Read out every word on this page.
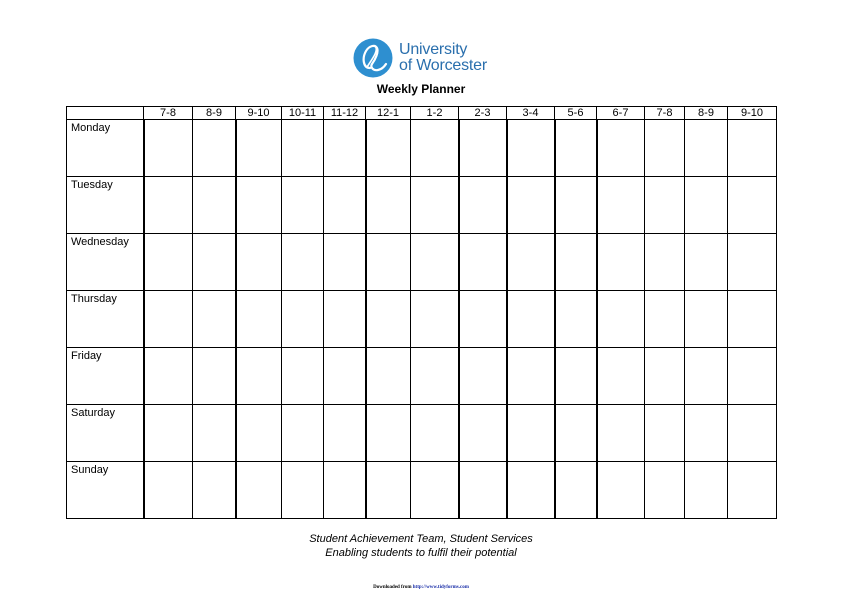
University
of Worcester
Weekly Planner
	7-8	8-9	9-10	10-11	11-12	12-1	1-2	2-3	3-4	5-6	6-7	7-8	8-9	9-10
Monday														
Tuesday														
Wednesday														
Thursday														
Friday														
Saturday														
Sunday														
Student Achievement Team, Student Services
Enabling students to fulfil their potential
Downloaded from http://www.tidyforms.com
